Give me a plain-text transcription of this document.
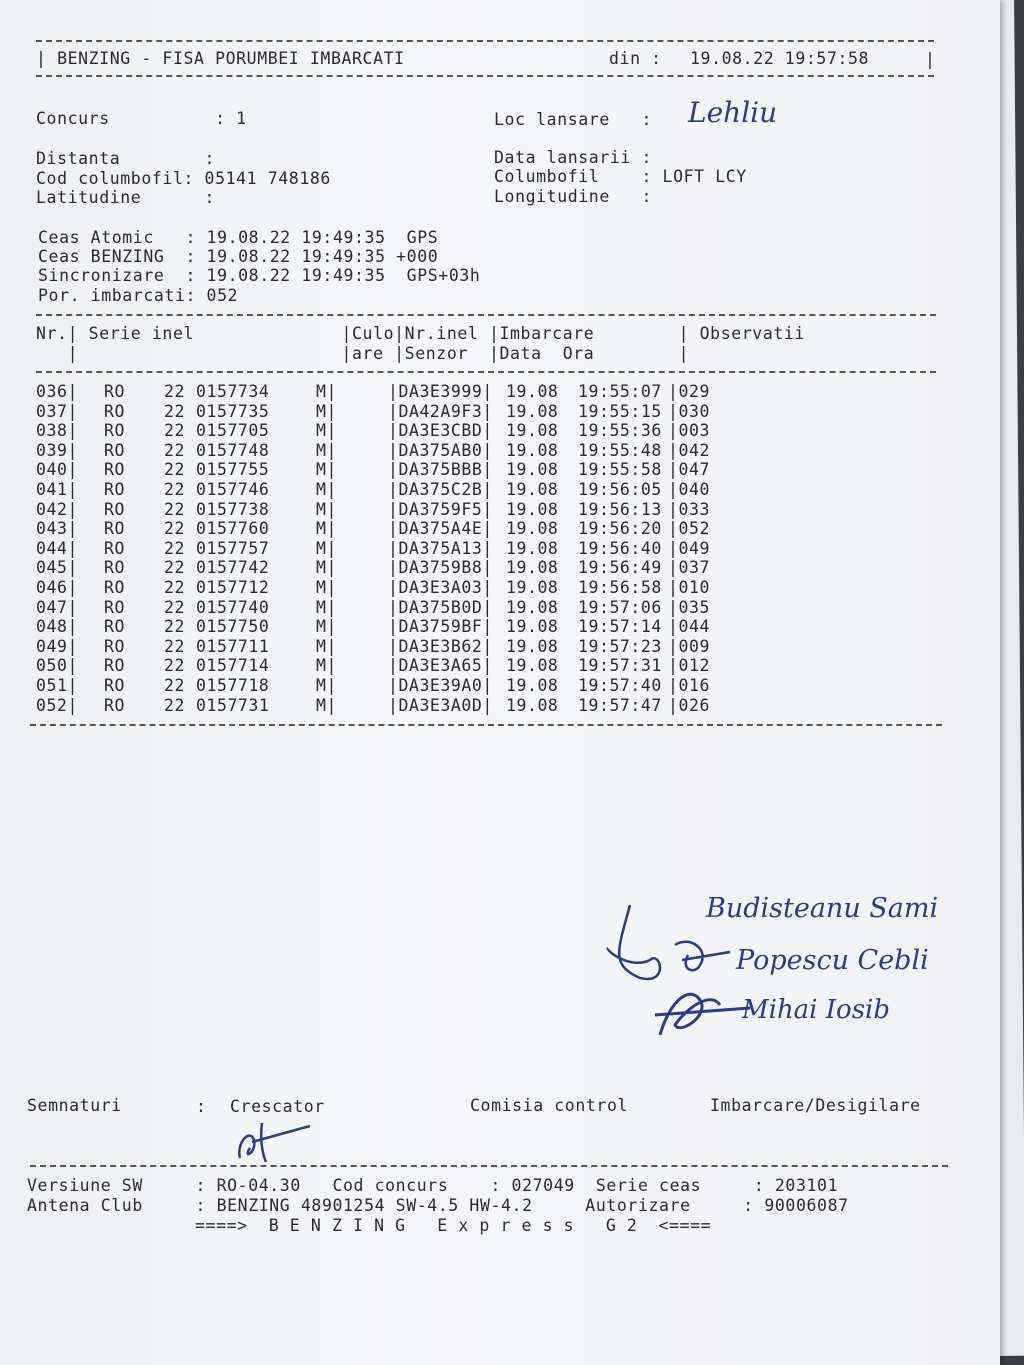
| BENZING - FISA PORUMBEI IMBARCATI	din : 19.08.22 19:57:58	|
Concurs          : 1	Loc lansare   : Lehliu
Distanta        :
Cod columbofil: 05141 748186
Latitudine      :
Data lansarii :
Columbofil    : LOFT LCY
Longitudine   :
Ceas Atomic   : 19.08.22 19:49:35  GPS
Ceas BENZING  : 19.08.22 19:49:35 +000
Sincronizare  : 19.08.22 19:49:35  GPS+03h
Por. imbarcati: 052
Nr.| Serie inel              |Culo|Nr.inel |Imbarcare        | Observatii
|                         |are |Senzor  |Data  Ora        |
036| RO 22 0157734	M|	|DA3E3999| 19.08 19:55:07 |029
037| RO 22 0157735	M|	|DA42A9F3| 19.08 19:55:15 |030
038| RO 22 0157705	M|	|DA3E3CBD| 19.08 19:55:36 |003
039| RO 22 0157748	M|	|DA375AB0| 19.08 19:55:48 |042
040| RO 22 0157755	M|	|DA375BBB| 19.08 19:55:58 |047
041| RO 22 0157746	M|	|DA375C2B| 19.08 19:56:05 |040
042| RO 22 0157738	M|	|DA3759F5| 19.08 19:56:13 |033
043| RO 22 0157760	M|	|DA375A4E| 19.08 19:56:20 |052
044| RO 22 0157757	M|	|DA375A13| 19.08 19:56:40 |049
045| RO 22 0157742	M|	|DA3759B8| 19.08 19:56:49 |037
046| RO 22 0157712	M|	|DA3E3A03| 19.08 19:56:58 |010
047| RO 22 0157740	M|	|DA375B0D| 19.08 19:57:06 |035
048| RO 22 0157750	M|	|DA3759BF| 19.08 19:57:14 |044
049| RO 22 0157711	M|	|DA3E3B62| 19.08 19:57:23 |009
050| RO 22 0157714	M|	|DA3E3A65| 19.08 19:57:31 |012
051| RO 22 0157718	M|	|DA3E39A0| 19.08 19:57:40 |016
052| RO 22 0157731	M|	|DA3E3A0D| 19.08 19:57:47 |026
Budisteanu Sami
Popescu Cebli
Mihai Iosib
Semnaturi	: Crescator	Comisia control	Imbarcare/Desigilare
Versiune SW     : RO-04.30   Cod concurs    : 027049  Serie ceas     : 203101
Antena Club     : BENZING 48901254 SW-4.5 HW-4.2     Autorizare     : 90006087
====>  B E N Z I N G   E x p r e s s   G 2  <====
